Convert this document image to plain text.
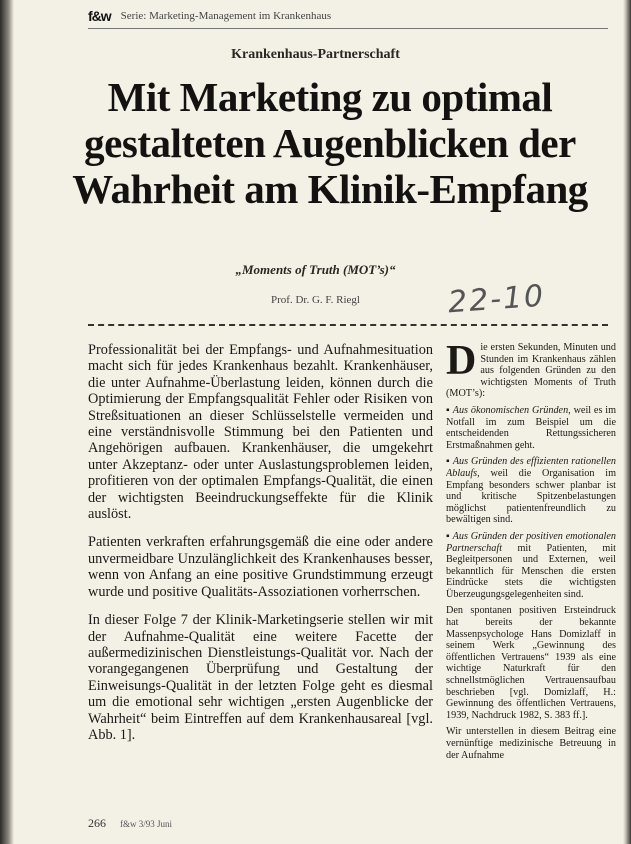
f&w Serie: Marketing-Management im Krankenhaus
Krankenhaus-Partnerschaft
Mit Marketing zu optimal gestalteten Augenblicken der Wahrheit am Klinik-Empfang
„Moments of Truth (MOT’s)“
Prof. Dr. G. F. Riegl	22-10

Professionalität bei der Empfangs- und Aufnahmesituation macht sich für jedes Krankenhaus bezahlt. Krankenhäuser, die unter Aufnahme-Überlastung leiden, können durch die Optimierung der Empfangsqualität Fehler oder Risiken von Streßsituationen an dieser Schlüsselstelle vermeiden und eine verständnisvolle Stimmung bei den Patienten und Angehörigen aufbauen. Krankenhäuser, die umgekehrt unter Akzeptanz- oder unter Auslastungsproblemen leiden, profitieren von der optimalen Empfangs-Qualität, die einen der wichtigsten Beeindruckungseffekte für die Klinik auslöst.

Patienten verkraften erfahrungsgemäß die eine oder andere unvermeidbare Unzulänglichkeit des Krankenhauses besser, wenn von Anfang an eine positive Grundstimmung erzeugt wurde und positive Qualitäts-Assoziationen vorherrschen.

In dieser Folge 7 der Klinik-Marketingserie stellen wir mit der Aufnahme-Qualität eine weitere Facette der außermedizinischen Dienstleistungs-Qualität vor. Nach der vorangegangenen Überprüfung und Gestaltung der Einweisungs-Qualität in der letzten Folge geht es diesmal um die emotional sehr wichtigen „ersten Augenblicke der Wahrheit“ beim Eintreffen auf dem Krankenhausareal [vgl. Abb. 1].

Die ersten Sekunden, Minuten und Stunden im Krankenhaus zählen aus folgenden Gründen zu den wichtigsten Moments of Truth (MOT’s):

▪ Aus ökonomischen Gründen, weil es im Notfall im zum Beispiel um die entscheidenden Rettungssicheren Erstmaßnahmen geht.

▪ Aus Gründen des effizienten rationellen Ablaufs, weil die Organisation im Empfang besonders schwer planbar ist und kritische Spitzenbelastungen möglichst patientenfreundlich zu bewältigen sind.

▪ Aus Gründen der positiven emotionalen Partnerschaft mit Patienten, mit Begleitpersonen und Externen, weil bekanntlich für Menschen die ersten Eindrücke stets die wichtigsten Überzeugungsgelegenheiten sind.

Den spontanen positiven Ersteindruck hat bereits der bekannte Massenpsychologe Hans Domizlaff in seinem Werk „Gewinnung des öffentlichen Vertrauens“ 1939 als eine wichtige Naturkraft für den schnellstmöglichen Vertrauensaufbau beschrieben [vgl. Domizlaff, H.: Gewinnung des öffentlichen Vertrauens, 1939, Nachdruck 1982, S. 383 ff.].

Wir unterstellen in diesem Beitrag eine vernünftige medizinische Betreuung in der Aufnahme

266 f&w 3/93 Juni
